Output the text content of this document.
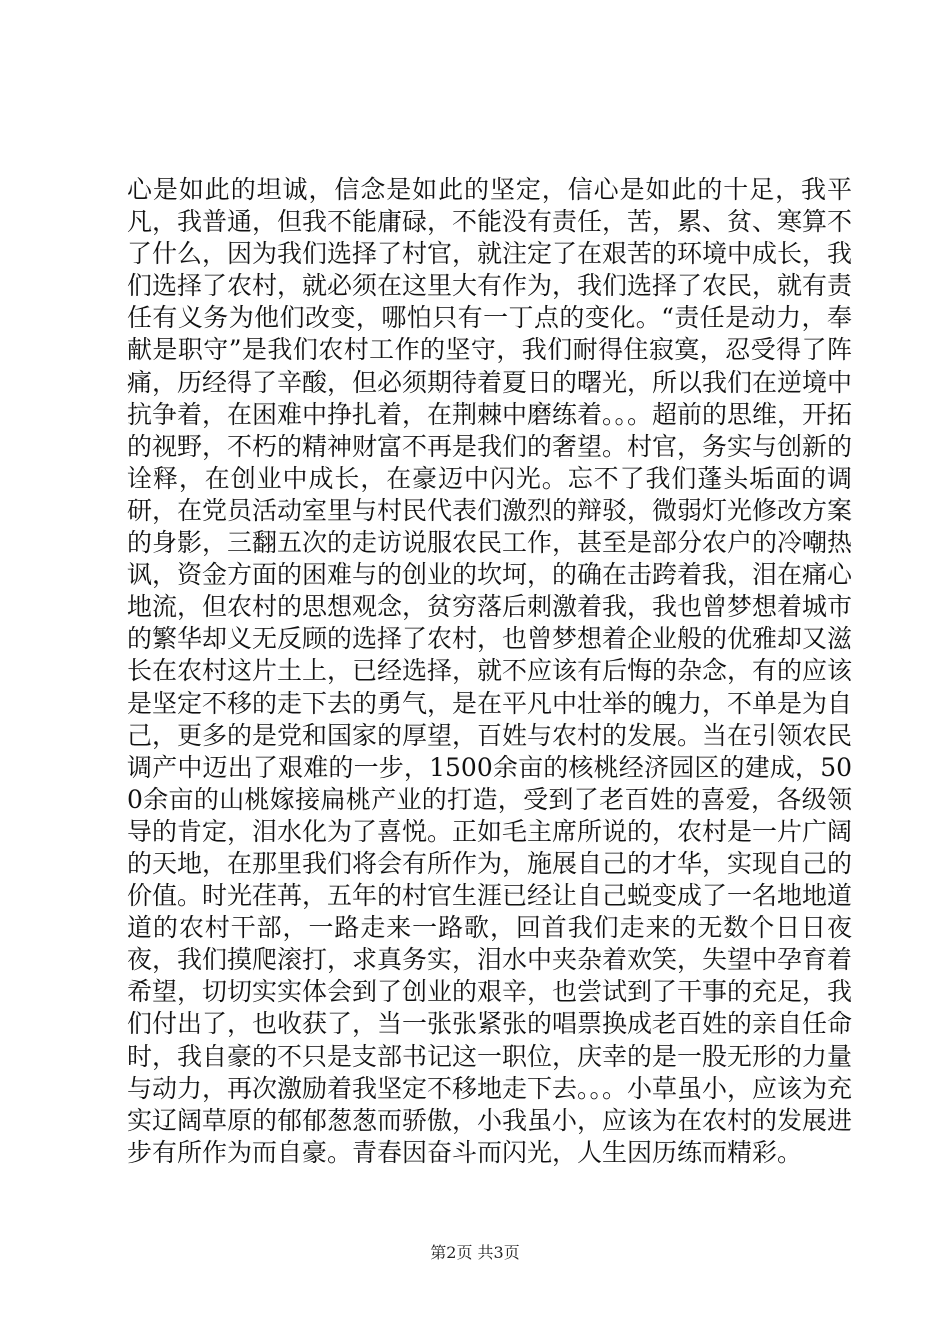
心是如此的坦诚，信念是如此的坚定，信心是如此的十足，我平凡，我普通，但我不能庸碌，不能没有责任，苦，累、贫、寒算不了什么，因为我们选择了村官，就注定了在艰苦的环境中成长，我们选择了农村，就必须在这里大有作为，我们选择了农民，就有责任有义务为他们改变，哪怕只有一丁点的变化。“责任是动力，奉献是职守”是我们农村工作的坚守，我们耐得住寂寞，忍受得了阵痛，历经得了辛酸，但必须期待着夏日的曙光，所以我们在逆境中抗争着，在困难中挣扎着，在荆棘中磨练着。。。超前的思维，开拓的视野，不朽的精神财富不再是我们的奢望。村官，务实与创新的诠释，在创业中成长，在豪迈中闪光。忘不了我们蓬头垢面的调研，在党员活动室里与村民代表们激烈的辩驳，微弱灯光修改方案的身影，三翻五次的走访说服农民工作，甚至是部分农户的冷嘲热讽，资金方面的困难与的创业的坎坷，的确在击跨着我，泪在痛心地流，但农村的思想观念，贫穷落后刺激着我，我也曾梦想着城市的繁华却义无反顾的选择了农村，也曾梦想着企业般的优雅却又滋长在农村这片土上，已经选择，就不应该有后悔的杂念，有的应该是坚定不移的走下去的勇气，是在平凡中壮举的魄力，不单是为自己，更多的是党和国家的厚望，百姓与农村的发展。当在引领农民调产中迈出了艰难的一步，1500余亩的核桃经济园区的建成，500余亩的山桃嫁接扁桃产业的打造，受到了老百姓的喜爱，各级领导的肯定，泪水化为了喜悦。正如毛主席所说的，农村是一片广阔的天地，在那里我们将会有所作为，施展自己的才华，实现自己的价值。时光荏苒，五年的村官生涯已经让自己蜕变成了一名地地道道的农村干部，一路走来一路歌，回首我们走来的无数个日日夜夜，我们摸爬滚打，求真务实，泪水中夹杂着欢笑，失望中孕育着希望，切切实实体会到了创业的艰辛，也尝试到了干事的充足，我们付出了，也收获了，当一张张紧张的唱票换成老百姓的亲自任命时，我自豪的不只是支部书记这一职位，庆幸的是一股无形的力量与动力，再次激励着我坚定不移地走下去。。。小草虽小，应该为充实辽阔草原的郁郁葱葱而骄傲，小我虽小，应该为在农村的发展进步有所作为而自豪。青春因奋斗而闪光，人生因历练而精彩。

第2页 共3页
